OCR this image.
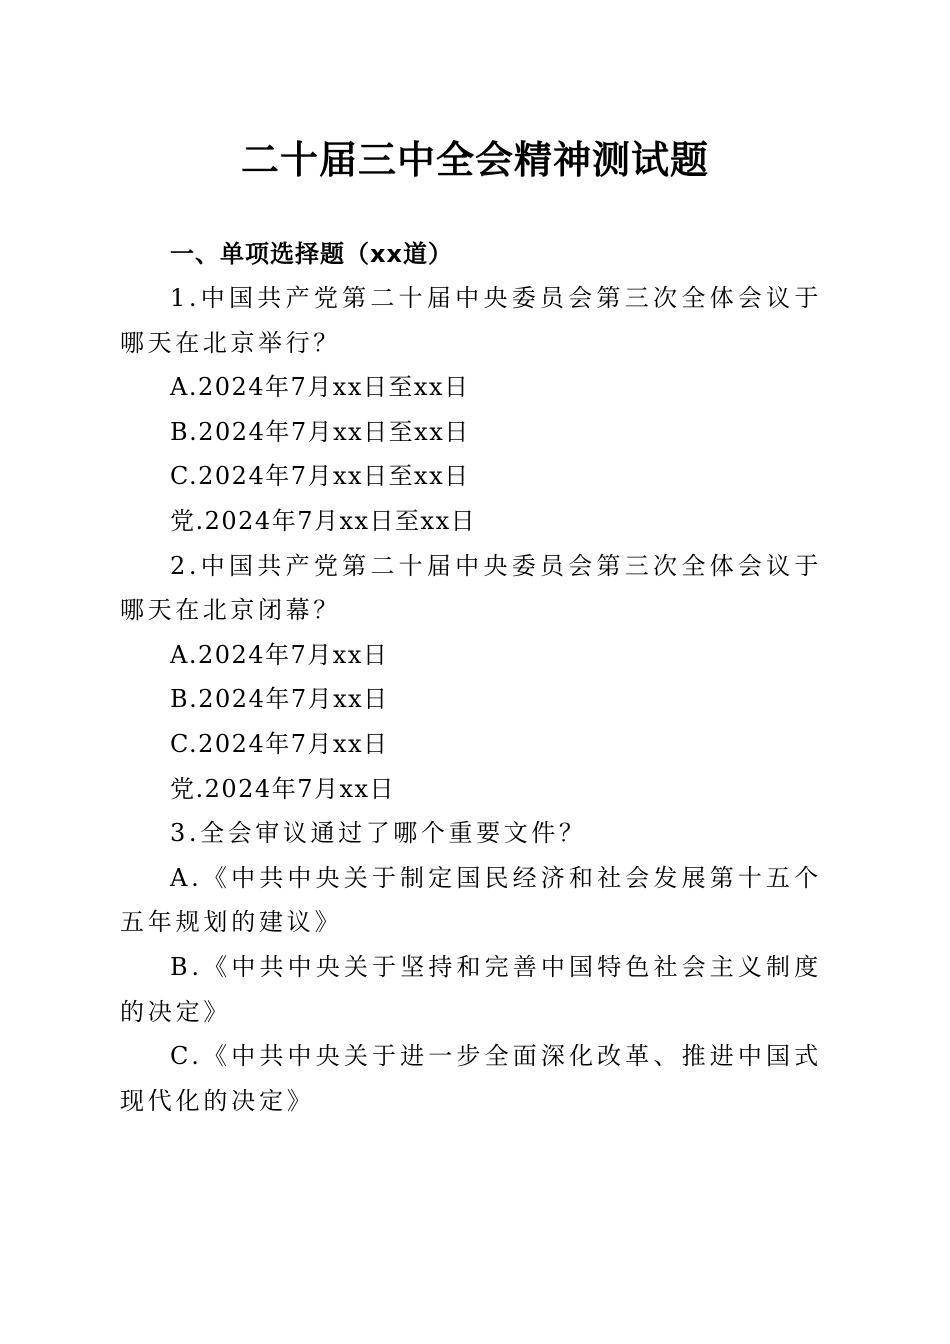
二十届三中全会精神测试题

一、单项选择题（xx道）

1.中国共产党第二十届中央委员会第三次全体会议于哪天在北京举行？

A.2024年7月xx日至xx日

B.2024年7月xx日至xx日

C.2024年7月xx日至xx日

党.2024年7月xx日至xx日

2.中国共产党第二十届中央委员会第三次全体会议于哪天在北京闭幕？

A.2024年7月xx日

B.2024年7月xx日

C.2024年7月xx日

党.2024年7月xx日

3.全会审议通过了哪个重要文件？

A.《中共中央关于制定国民经济和社会发展第十五个五年规划的建议》

B.《中共中央关于坚持和完善中国特色社会主义制度的决定》

C.《中共中央关于进一步全面深化改革、推进中国式现代化的决定》
